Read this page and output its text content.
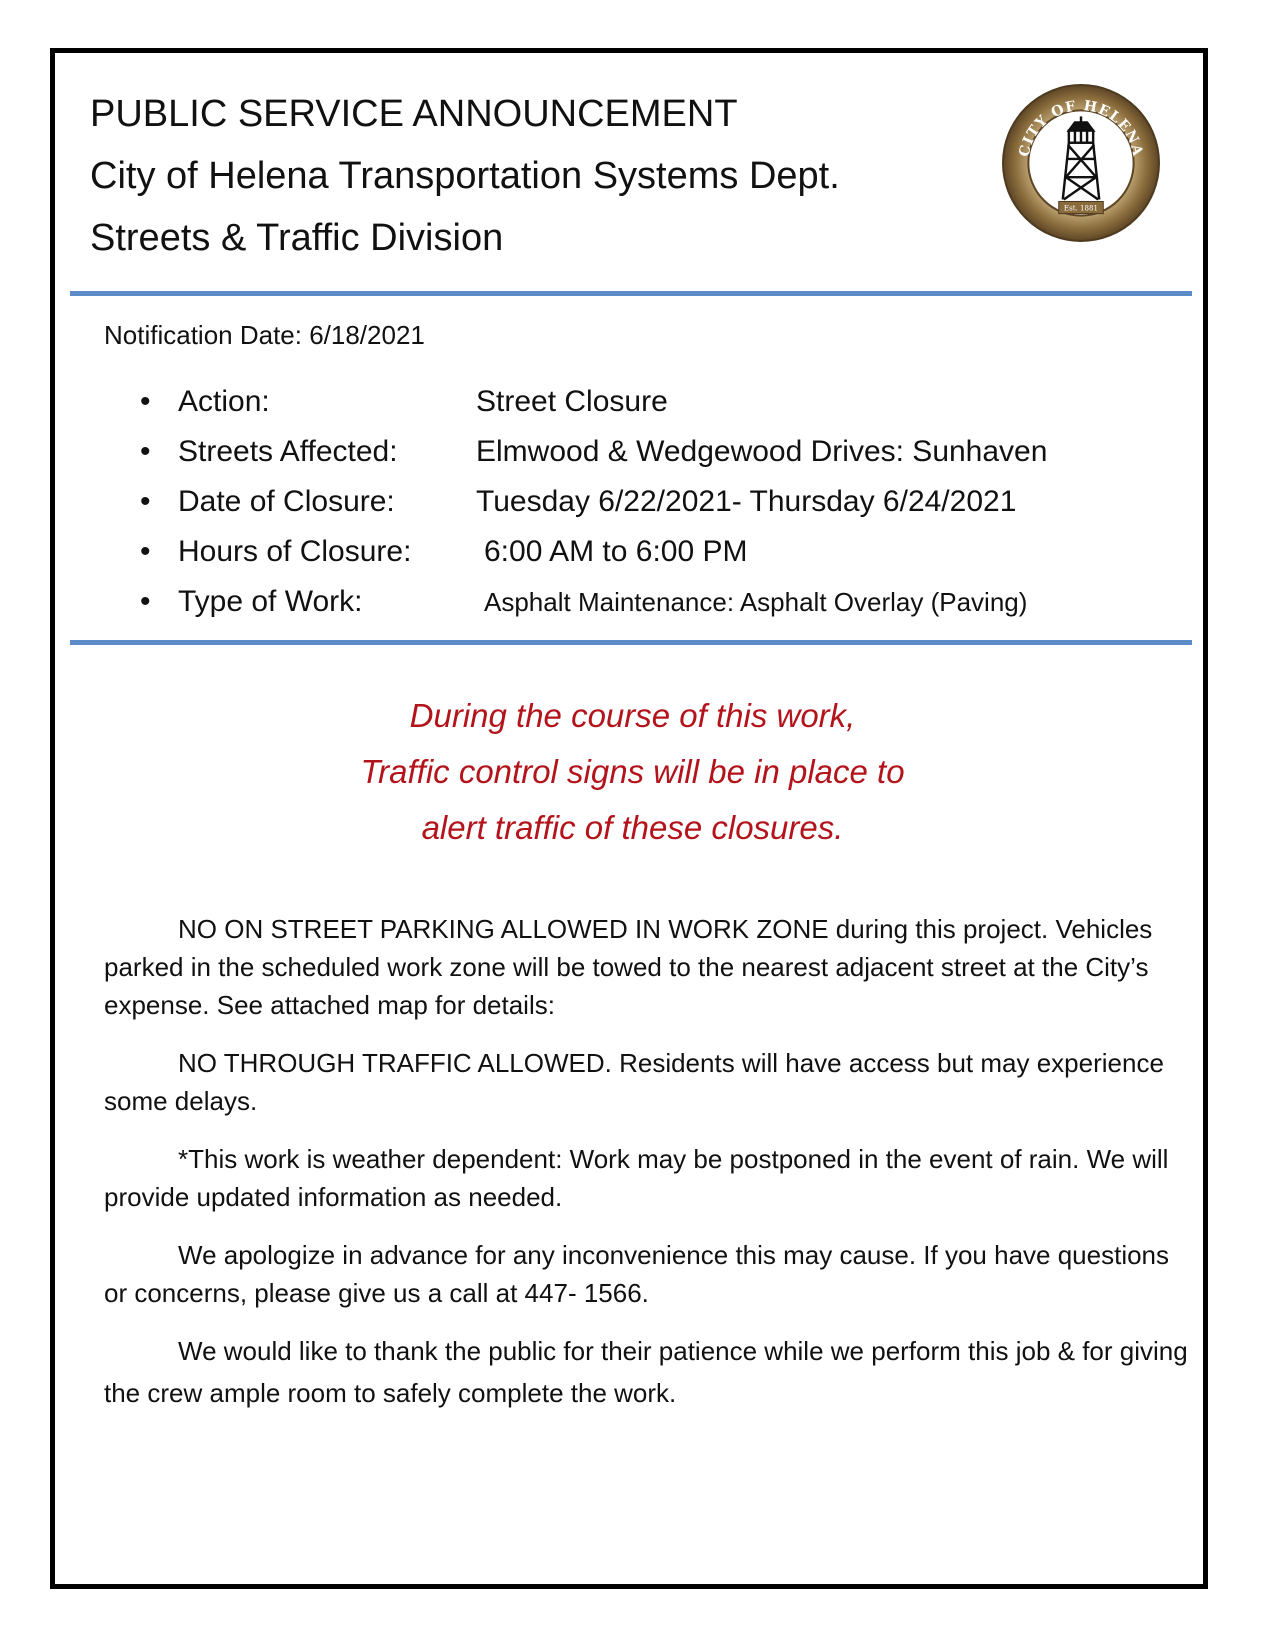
PUBLIC SERVICE ANNOUNCEMENT
City of Helena Transportation Systems Dept.
Streets & Traffic Division
CITY OF HELENA
Est. 1881
Notification Date: 6/18/2021
• Action:	Street Closure
• Streets Affected:	Elmwood & Wedgewood Drives: Sunhaven
• Date of Closure:	Tuesday 6/22/2021- Thursday 6/24/2021
• Hours of Closure: 6:00 AM to 6:00 PM
• Type of Work:	Asphalt Maintenance: Asphalt Overlay (Paving)
During the course of this work,
Traffic control signs will be in place to
alert traffic of these closures.

NO ON STREET PARKING ALLOWED IN WORK ZONE during this project. Vehicles parked in the scheduled work zone will be towed to the nearest adjacent street at the City’s expense. See attached map for details:

NO THROUGH TRAFFIC ALLOWED. Residents will have access but may experience some delays.

*This work is weather dependent: Work may be postponed in the event of rain. We will provide updated information as needed.

We apologize in advance for any inconvenience this may cause. If you have questions or concerns, please give us a call at 447- 1566.

We would like to thank the public for their patience while we perform this job & for giving the crew ample room to safely complete the work.
